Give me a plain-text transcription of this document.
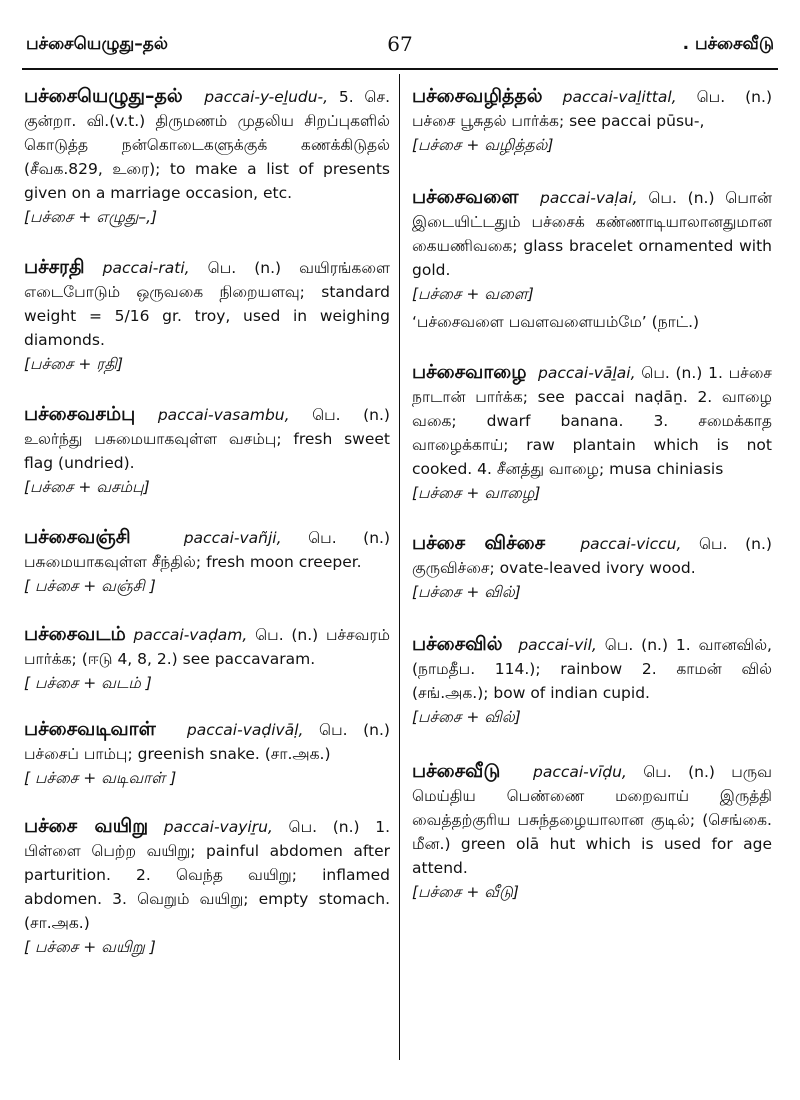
பச்சையெழுது–தல்	67	. பச்சைவீடு

பச்சையெழுது–தல் paccai-y-eḻudu-, 5. செ. குன்றா. வி.(v.t.) திருமணம் முதலிய சிறப்புகளில் கொடுத்த நன்கொடைகளுக்குக் கணக்கிடுதல் (சீவக.829, உரை); to make a list of presents given on a marriage occasion, etc.

[பச்சை + எழுது–,]

பச்சரதி paccai-rati, பெ. (n.) வயிரங்களை எடைபோடும் ஒருவகை நிறையளவு; standard weight = 5/16 gr. troy, used in weighing diamonds.

[பச்சை + ரதி]

பச்சைவசம்பு paccai-vasambu, பெ. (n.) உலர்ந்து பசுமையாகவுள்ள வசம்பு; fresh sweet flag (undried).

[பச்சை + வசம்பு]

பச்சைவஞ்சி	paccai-vañji, பெ. (n.) பசுமையாகவுள்ள சீந்தில்; fresh moon creeper.

[ பச்சை + வஞ்சி ]

பச்சைவடம் paccai-vaḍam, பெ. (n.) பச்சவரம் பார்க்க; (ஈடு 4, 8, 2.) see paccavaram.

[ பச்சை + வடம் ]

பச்சைவடிவாள் paccai-vaḍivāḷ, பெ. (n.) பச்சைப் பாம்பு; greenish snake. (சா.அக.)

[ பச்சை + வடிவாள் ]

பச்சை வயிறு paccai-vayiṟu, பெ. (n.) 1. பிள்ளை பெற்ற வயிறு; painful abdomen after parturition. 2. வெந்த வயிறு; inflamed abdomen. 3. வெறும் வயிறு; empty stomach. (சா.அக.)

[ பச்சை + வயிறு ]

பச்சைவழித்தல் paccai-vaḻittal, பெ. (n.) பச்சை பூசுதல் பார்க்க; see paccai pūsu-,

[பச்சை + வழித்தல்]

பச்சைவளை paccai-vaḷai, பெ. (n.) பொன் இடையிட்டதும் பச்சைக் கண்ணாடியாலானதுமான கையணிவகை; glass bracelet ornamented with gold.

[பச்சை + வளை]

‘பச்சைவளை பவளவளையம்மே’ (நாட்.)

பச்சைவாழை paccai-vāḻai, பெ. (n.) 1. பச்சை நாடான் பார்க்க; see paccai naḍāṉ. 2. வாழை வகை; dwarf banana. 3. சமைக்காத வாழைக்காய்; raw plantain which is not cooked. 4. சீனத்து வாழை; musa chiniasis

[பச்சை + வாழை]

பச்சை விச்சை paccai-viccu, பெ. (n.) குருவிச்சை; ovate-leaved ivory wood.

[பச்சை + வில்]

பச்சைவில் paccai-vil, பெ. (n.) 1. வானவில், (நாமதீப. 114.); rainbow 2. காமன் வில் (சங்.அக.); bow of indian cupid.

[பச்சை + வில்]

பச்சைவீடு paccai-vīḍu, பெ. (n.) பருவ மெய்திய பெண்ணை மறைவாய் இருத்தி வைத்தற்குரிய பசுந்தழையாலான குடில்; (செங்கை. மீன.) green olā hut which is used for age attend.

[பச்சை + வீடு]
